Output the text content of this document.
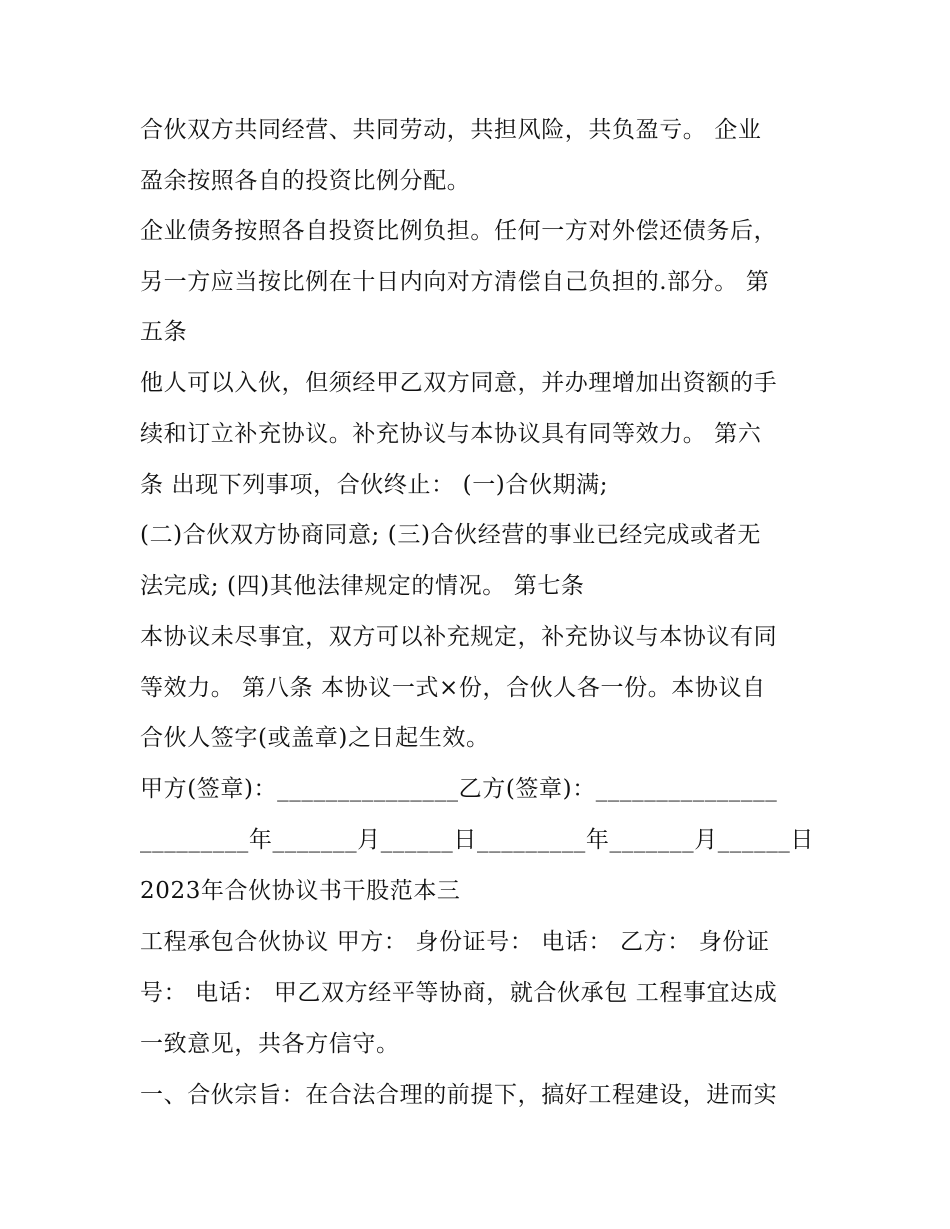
合伙双方共同经营、共同劳动，共担风险，共负盈亏。 企业
盈余按照各自的投资比例分配。
企业债务按照各自投资比例负担。任何一方对外偿还债务后，
另一方应当按比例在十日内向对方清偿自己负担的.部分。 第
五条
他人可以入伙，但须经甲乙双方同意，并办理增加出资额的手
续和订立补充协议。补充协议与本协议具有同等效力。 第六
条 出现下列事项，合伙终止： (一)合伙期满;
(二)合伙双方协商同意; (三)合伙经营的事业已经完成或者无
法完成; (四)其他法律规定的情况。 第七条
本协议未尽事宜，双方可以补充规定，补充协议与本协议有同
等效力。 第八条 本协议一式×份，合伙人各一份。本协议自
合伙人签字(或盖章)之日起生效。
甲方(签章)：_______________乙方(签章)：_______________
_________年_______月______日_________年_______月______日
2023年合伙协议书干股范本三
工程承包合伙协议 甲方： 身份证号： 电话： 乙方： 身份证
号： 电话： 甲乙双方经平等协商，就合伙承包 工程事宜达成
一致意见，共各方信守。
一、合伙宗旨：在合法合理的前提下，搞好工程建设，进而实
